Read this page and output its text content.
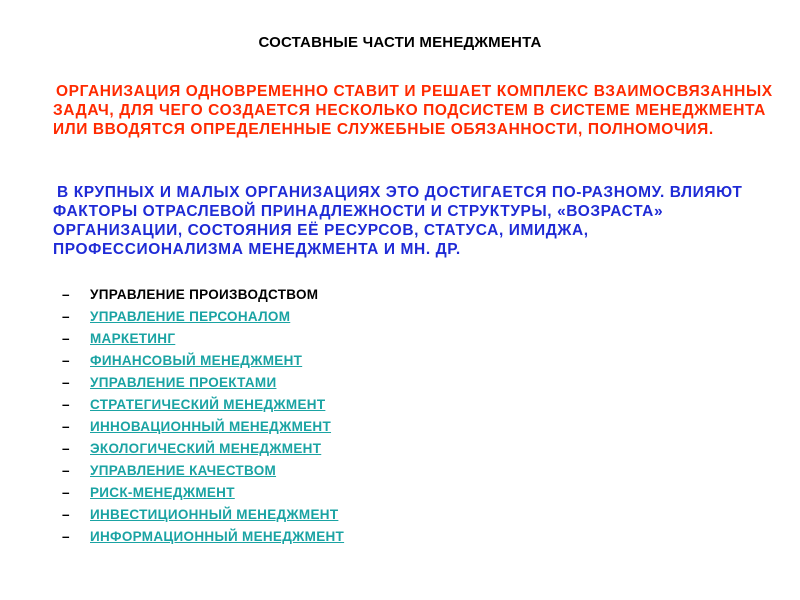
СОСТАВНЫЕ ЧАСТИ МЕНЕДЖМЕНТА
ОРГАНИЗАЦИЯ ОДНОВРЕМЕННО СТАВИТ И РЕШАЕТ КОМПЛЕКС ВЗАИМОСВЯЗАННЫХ ЗАДАЧ, ДЛЯ ЧЕГО СОЗДАЕТСЯ НЕСКОЛЬКО ПОДСИСТЕМ В СИСТЕМЕ МЕНЕДЖМЕНТА ИЛИ ВВОДЯТСЯ ОПРЕДЕЛЕННЫЕ СЛУЖЕБНЫЕ ОБЯЗАННОСТИ, ПОЛНОМОЧИЯ.
В КРУПНЫХ И МАЛЫХ ОРГАНИЗАЦИЯХ ЭТО ДОСТИГАЕТСЯ ПО-РАЗНОМУ. ВЛИЯЮТ ФАКТОРЫ ОТРАСЛЕВОЙ ПРИНАДЛЕЖНОСТИ И СТРУКТУРЫ, «ВОЗРАСТА» ОРГАНИЗАЦИИ, СОСТОЯНИЯ ЕЁ РЕСУРСОВ, СТАТУСА, ИМИДЖА, ПРОФЕССИОНАЛИЗМА МЕНЕДЖМЕНТА И МН. ДР.
–	УПРАВЛЕНИЕ ПРОИЗВОДСТВОМ
–	УПРАВЛЕНИЕ ПЕРСОНАЛОМ
–	МАРКЕТИНГ
–	ФИНАНСОВЫЙ МЕНЕДЖМЕНТ
–	УПРАВЛЕНИЕ ПРОЕКТАМИ
–	СТРАТЕГИЧЕСКИЙ МЕНЕДЖМЕНТ
–	ИННОВАЦИОННЫЙ МЕНЕДЖМЕНТ
–	ЭКОЛОГИЧЕСКИЙ МЕНЕДЖМЕНТ
–	УПРАВЛЕНИЕ КАЧЕСТВОМ
–	РИСК-МЕНЕДЖМЕНТ
–	ИНВЕСТИЦИОННЫЙ МЕНЕДЖМЕНТ
–	ИНФОРМАЦИОННЫЙ МЕНЕДЖМЕНТ
